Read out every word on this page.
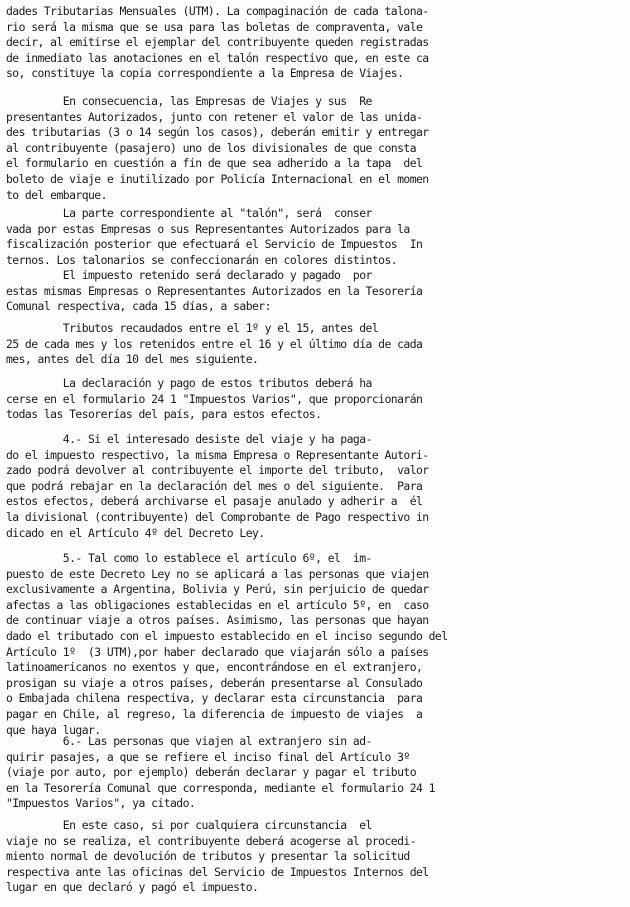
dades Tributarias Mensuales (UTM). La compaginación de cada talona-
rio será la misma que se usa para las boletas de compraventa, vale
decir, al emitirse el ejemplar del contribuyente queden registradas
de inmediato las anotaciones en el talón respectivo que, en este ca
so, constituye la copia correspondiente a la Empresa de Viajes.
En consecuencia, las Empresas de Viajes y sus  Re
presentantes Autorizados, junto con retener el valor de las unida-
des tributarias (3 o 14 según los casos), deberán emitir y entregar
al contribuyente (pasajero) uno de los divisionales de que consta
el formulario en cuestión a fin de que sea adherido a la tapa  del
boleto de viaje e inutilizado por Policía Internacional en el momen
to del embarque.
La parte correspondiente al "talón", será  conser
vada por estas Empresas o sus Representantes Autorizados para la
fiscalización posterior que efectuará el Servicio de Impuestos  In
ternos. Los talonarios se confeccionarán en colores distintos.
El impuesto retenido será declarado y pagado  por
estas mismas Empresas o Representantes Autorizados en la Tesorería
Comunal respectiva, cada 15 días, a saber:
Tributos recaudados entre el 1º y el 15, antes del
25 de cada mes y los retenidos entre el 16 y el último día de cada
mes, antes del día 10 del mes siguiente.
La declaración y pago de estos tributos deberá ha
cerse en el formulario 24 1 "Impuestos Varios", que proporcionarán
todas las Tesorerías del país, para estos efectos.
4.- Si el interesado desiste del viaje y ha paga-
do el impuesto respectivo, la misma Empresa o Representante Autori-
zado podrá devolver al contribuyente el importe del tributo,  valor
que podrá rebajar en la declaración del mes o del siguiente.  Para
estos efectos, deberá archivarse el pasaje anulado y adherir a  él
la divisional (contribuyente) del Comprobante de Pago respectivo in
dicado en el Artículo 4º del Decreto Ley.
5.- Tal como lo establece el artículo 6º, el  im-
puesto de este Decreto Ley no se aplicará a las personas que viajen
exclusivamente a Argentina, Bolivia y Perú, sin perjuicio de quedar
afectas a las obligaciones establecidas en el artículo 5º, en  caso
de continuar viaje a otros países. Asimismo, las personas que hayan
dado el tributado con el impuesto establecido en el inciso segundo del
Artículo 1º  (3 UTM),por haber declarado que viajarán sólo a países
latinoamericanos no exentos y que, encontrándose en el extranjero,
prosigan su viaje a otros países, deberán presentarse al Consulado
o Embajada chilena respectiva, y declarar esta circunstancia  para
pagar en Chile, al regreso, la diferencia de impuesto de viajes  a
que haya lugar.
6.- Las personas que viajen al extranjero sin ad-
quirir pasajes, a que se refiere el inciso final del Artículo 3º
(viaje por auto, por ejemplo) deberán declarar y pagar el tributo
en la Tesorería Comunal que corresponda, mediante el formulario 24 1
"Impuestos Varios", ya citado.
En este caso, si por cualquiera circunstancia  el
viaje no se realiza, el contribuyente deberá acogerse al procedi-
miento normal de devolución de tributos y presentar la solicitud
respectiva ante las oficinas del Servicio de Impuestos Internos del
lugar en que declaró y pagó el impuesto.
